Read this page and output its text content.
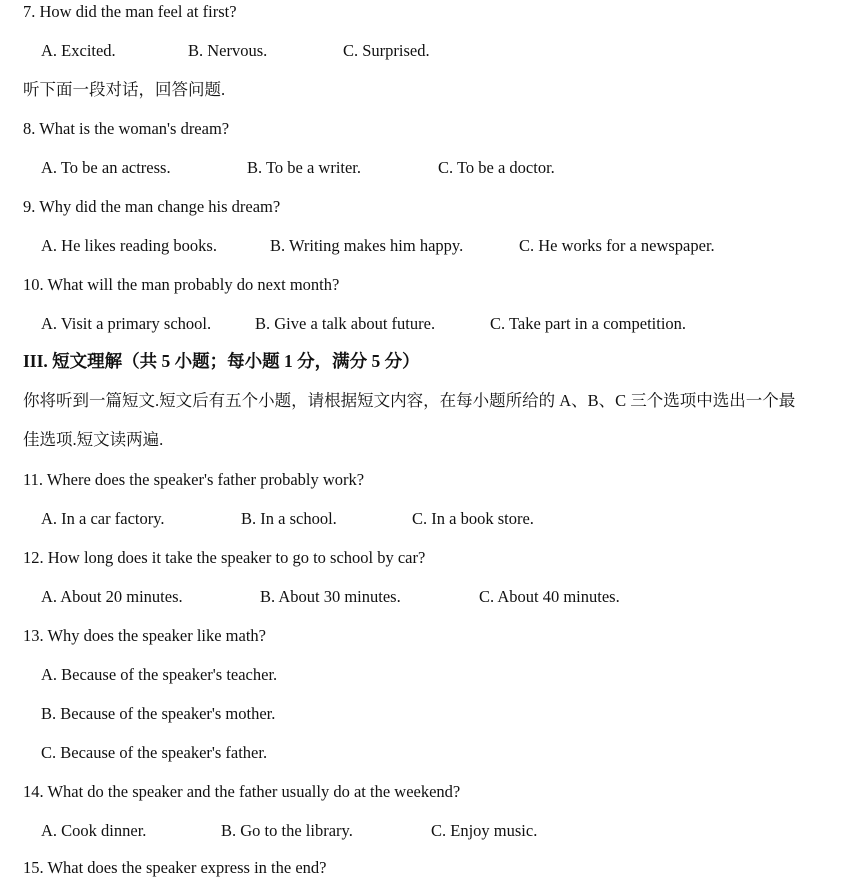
7. How did the man feel at first?
A. Excited.	B. Nervous.	C. Surprised.
听下面一段对话，回答问题.
8. What is the woman's dream?
A. To be an actress.	B. To be a writer.	C. To be a doctor.
9. Why did the man change his dream?
A. He likes reading books.	B. Writing makes him happy.	C. He works for a newspaper.
10. What will the man probably do next month?
A. Visit a primary school.	B. Give a talk about future.	C. Take part in a competition.
III. 短文理解（共 5 小题；每小题 1 分，满分 5 分）
你将听到一篇短文.短文后有五个小题，请根据短文内容，在每小题所给的 A、B、C 三个选项中选出一个最
佳选项.短文读两遍.
11. Where does the speaker's father probably work?
A. In a car factory.	B. In a school.	C. In a book store.
12. How long does it take the speaker to go to school by car?
A. About 20 minutes.	B. About 30 minutes.	C. About 40 minutes.
13. Why does the speaker like math?
A. Because of the speaker's teacher.
B. Because of the speaker's mother.
C. Because of the speaker's father.
14. What do the speaker and the father usually do at the weekend?
A. Cook dinner.	B. Go to the library.	C. Enjoy music.
15. What does the speaker express in the end?
